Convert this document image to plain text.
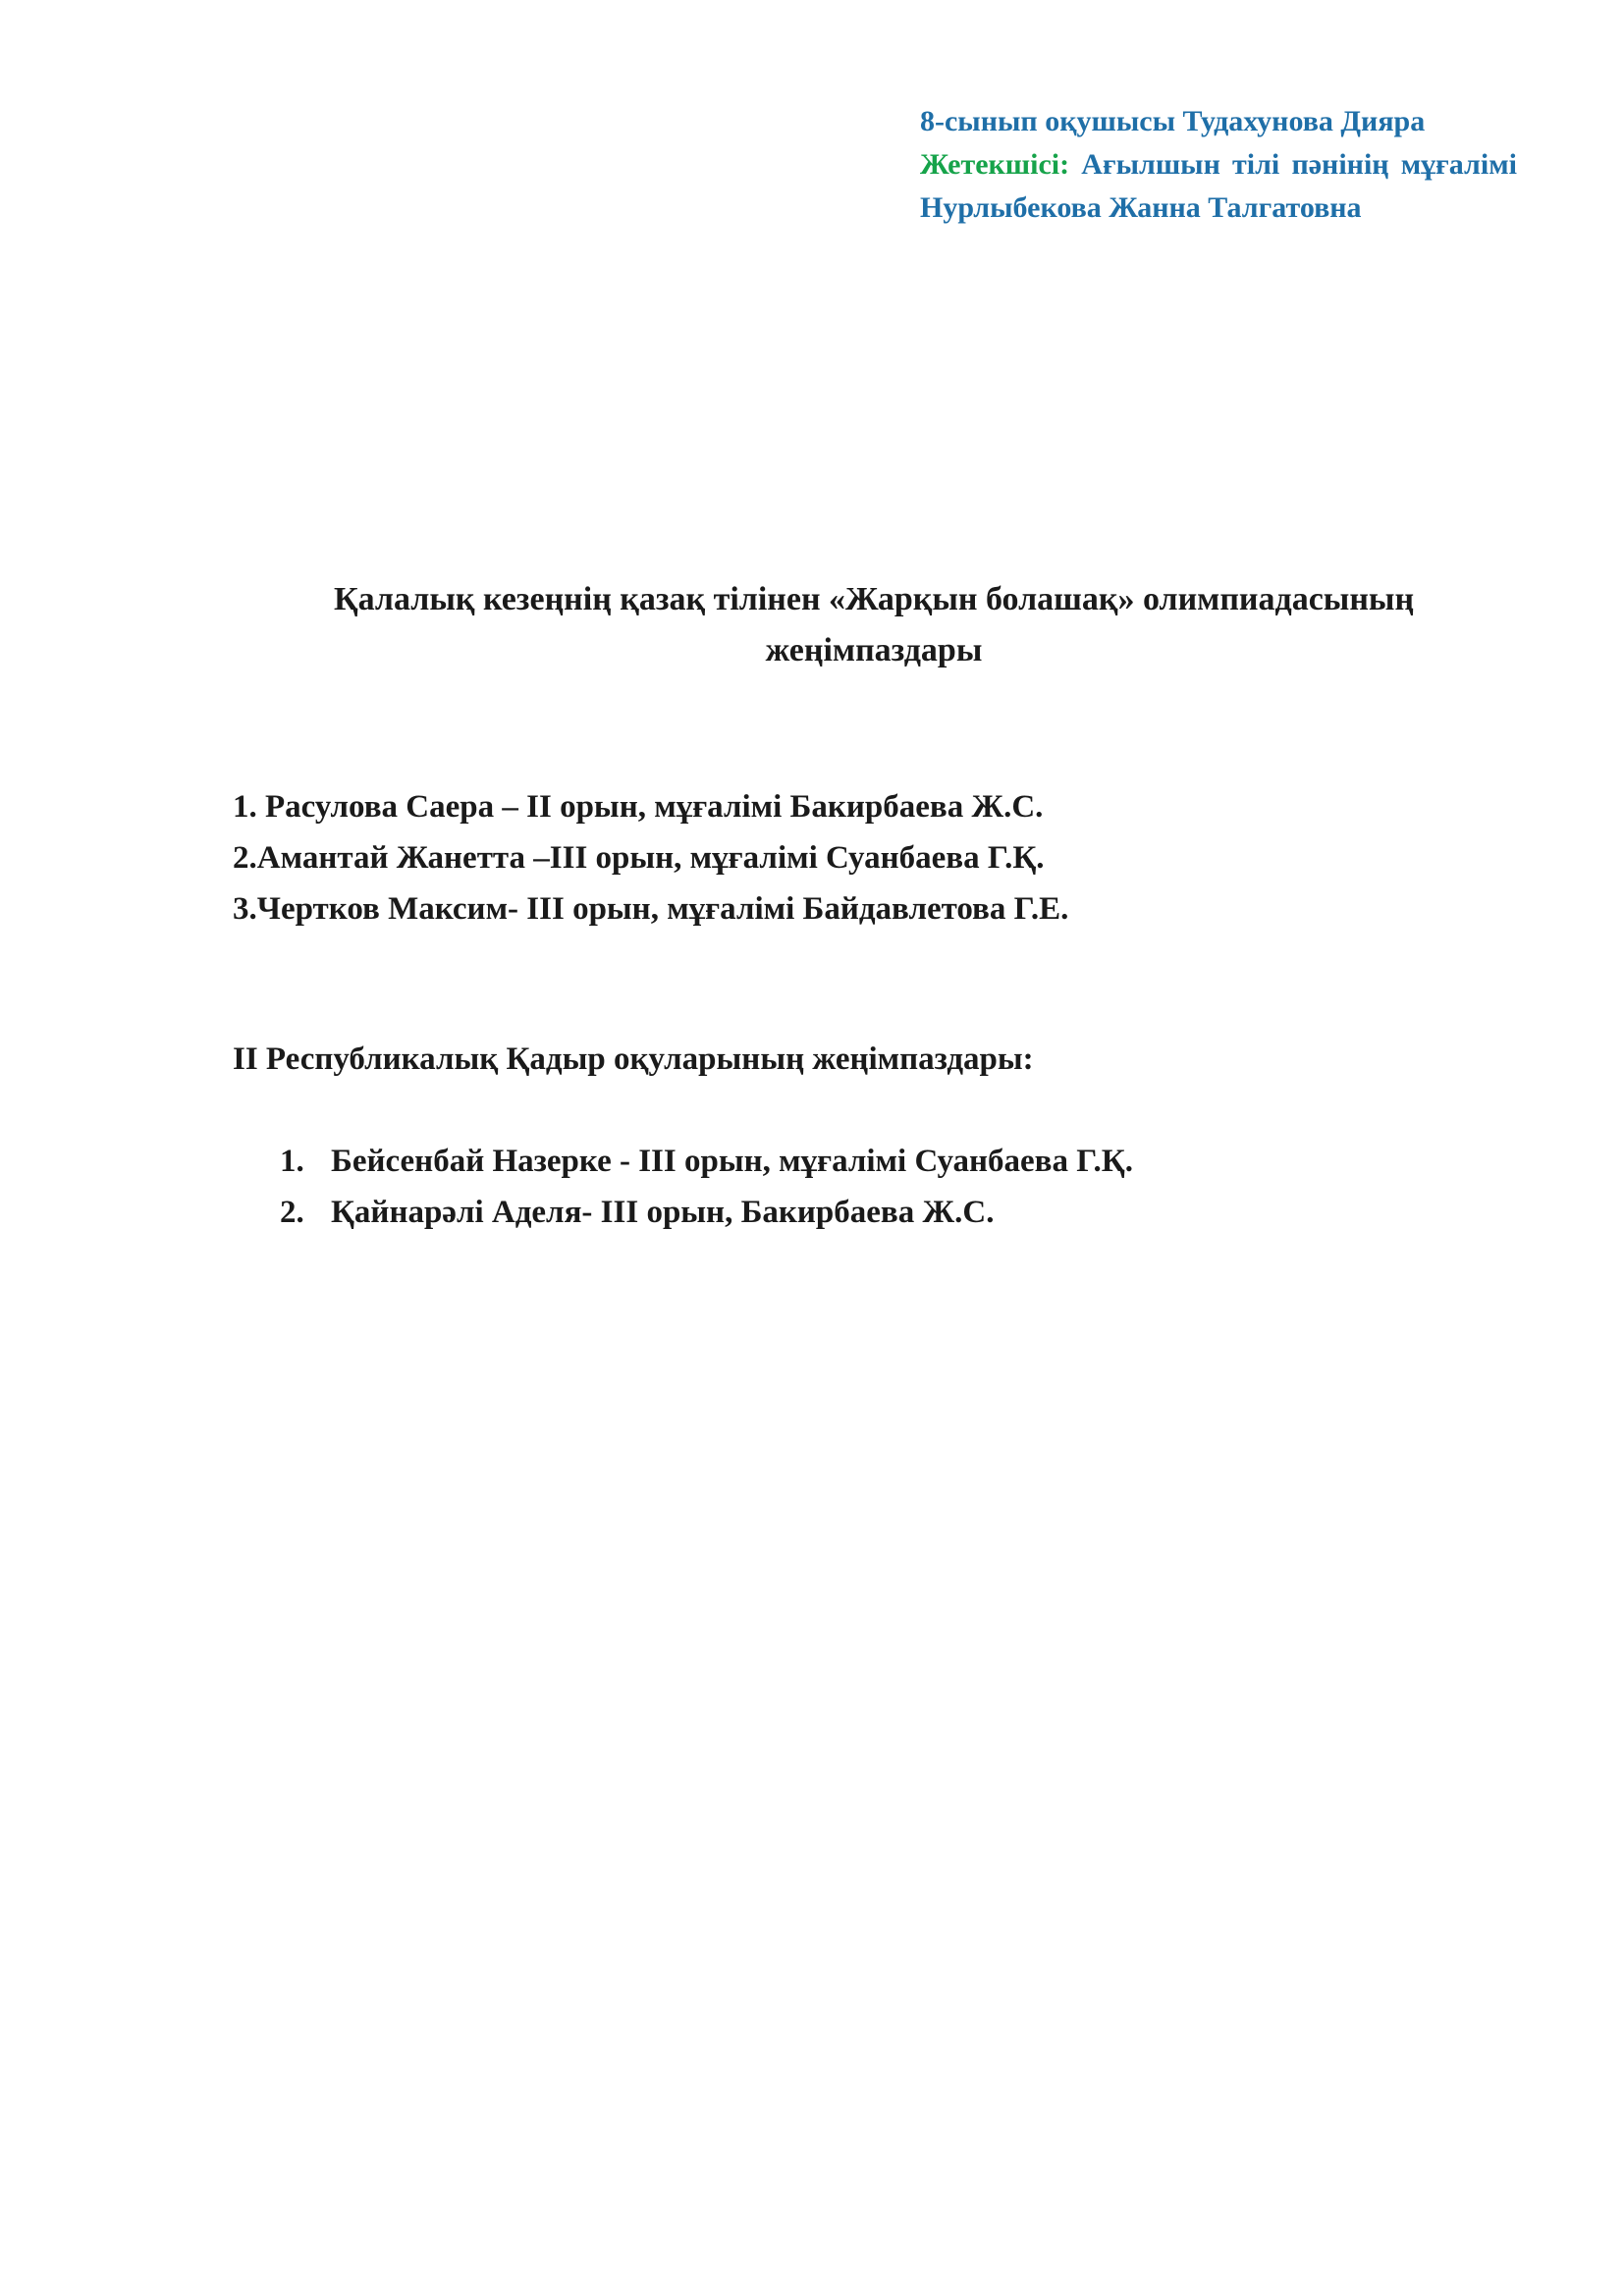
8-сынып оқушысы Тудахунова Дияра
Жетекшісі: Ағылшын тілі пәнінің мұғалімі Нурлыбекова Жанна Талгатовна
Қалалық кезеңнің қазақ тілінен «Жарқын болашақ» олимпиадасының
жеңімпаздары
1. Расулова Саера – ІІ орын, мұғалімі Бакирбаева Ж.С.
2.Амантай Жанетта –ІІІ орын, мұғалімі Суанбаева Г.Қ.
3.Чертков Максим- ІІІ орын, мұғалімі Байдавлетова Г.Е.
ІІ Республикалық Қадыр оқуларының жеңімпаздары:
1. Бейсенбай Назерке - ІІІ орын, мұғалімі Суанбаева Г.Қ.
2. Қайнарәлі Аделя- ІІІ орын, Бакирбаева Ж.С.
